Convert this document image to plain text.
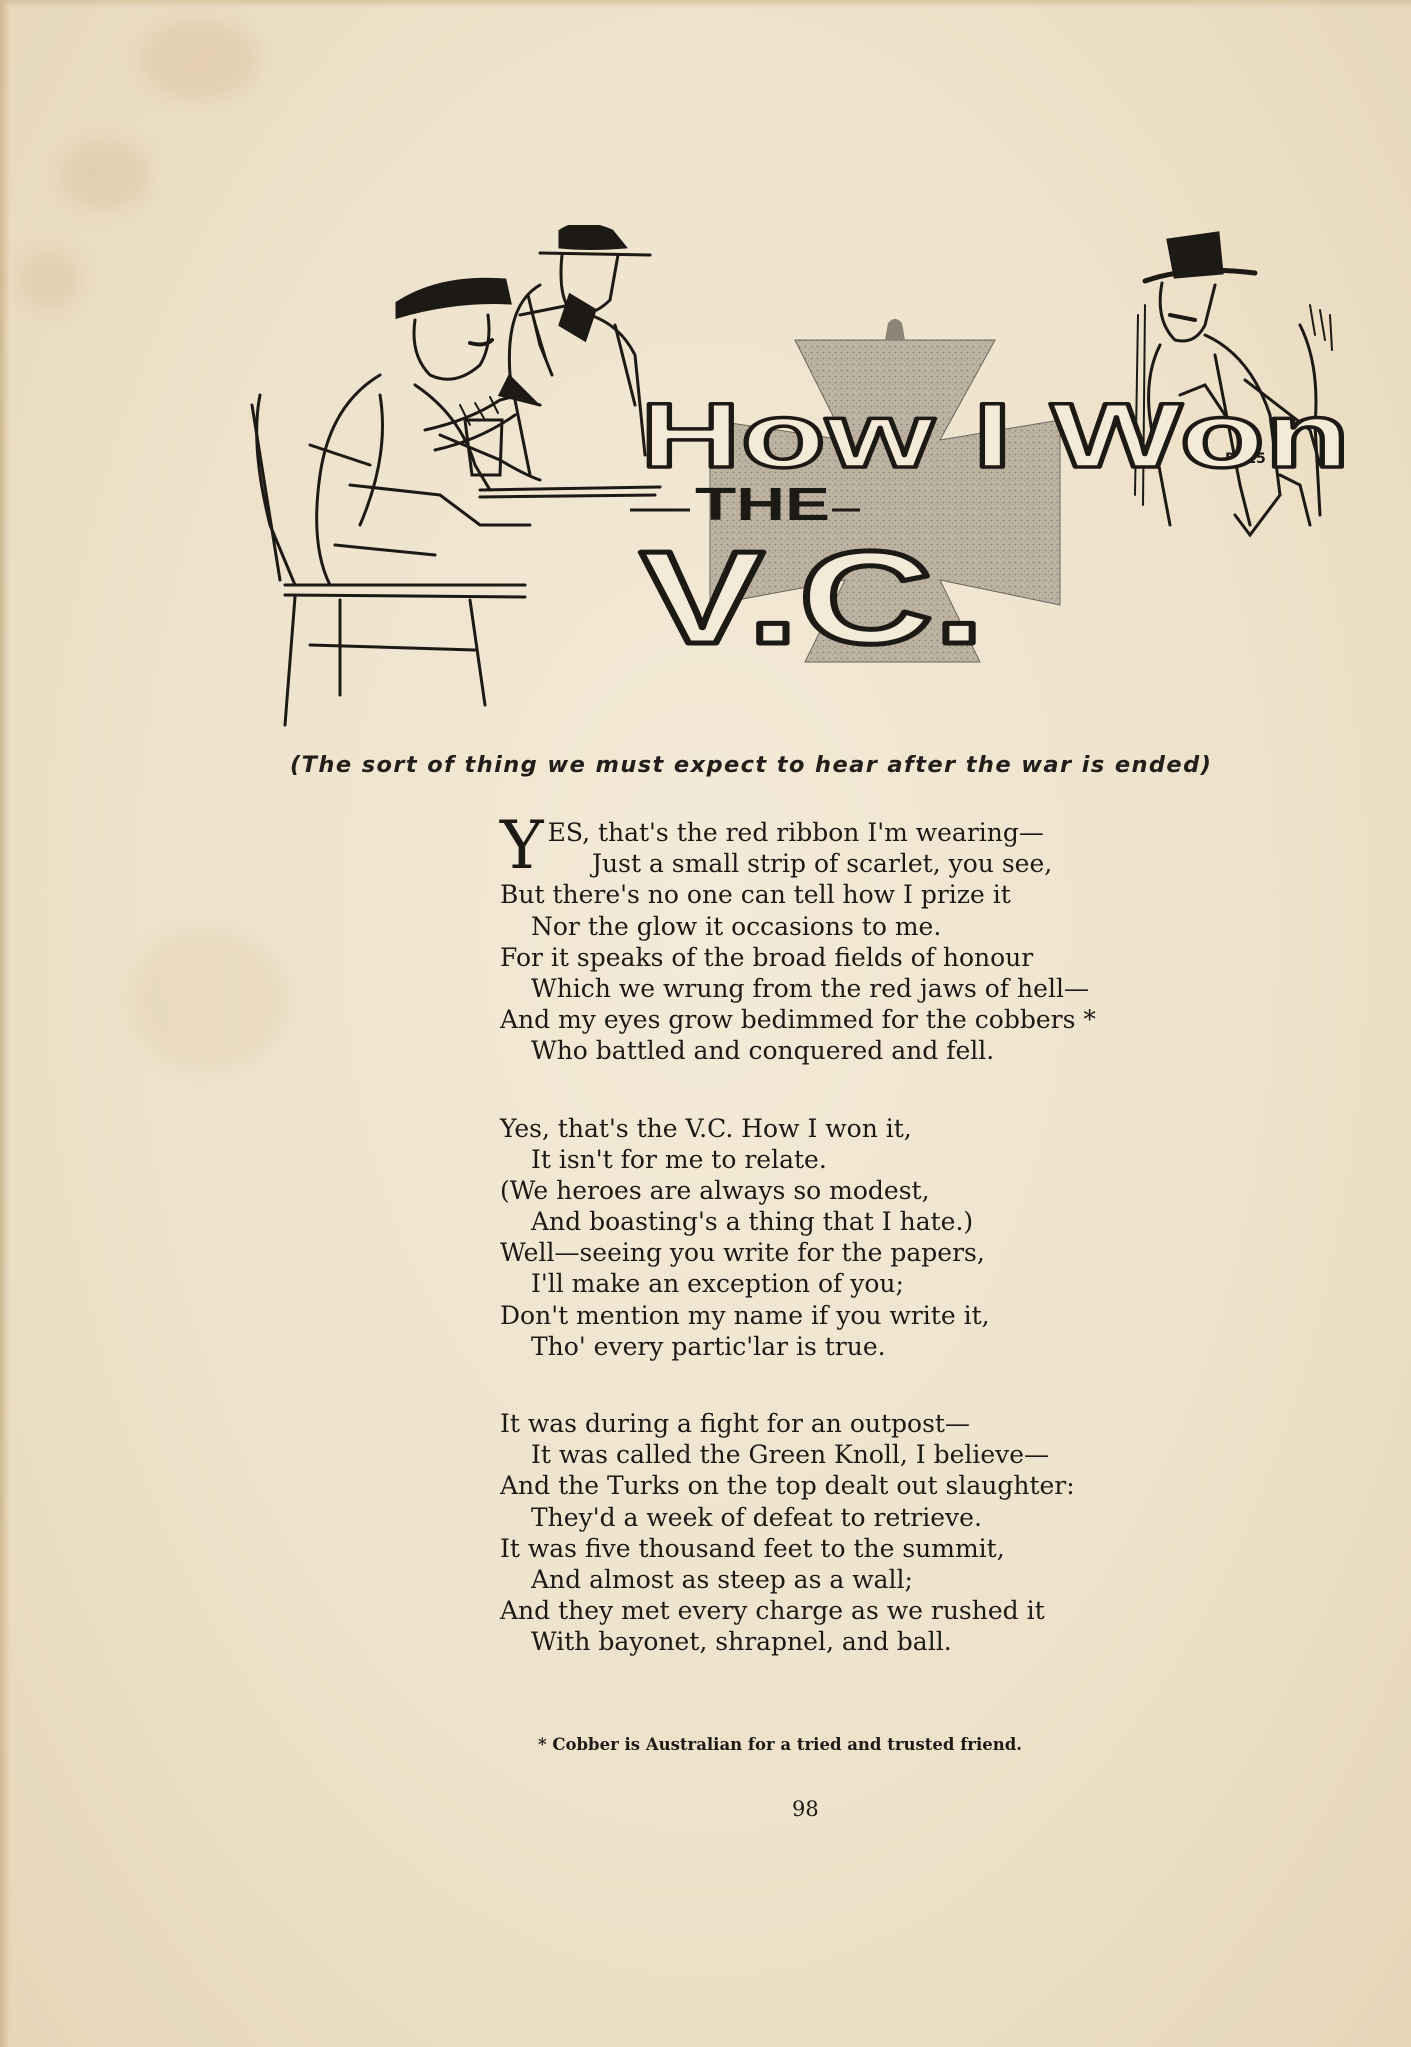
D.'15
How I Won
THE
V.C.
(The sort of thing we must expect to hear after the war is ended)
Y ES, that's the red ribbon I'm wearing—
Just a small strip of scarlet, you see,
But there's no one can tell how I prize it
Nor the glow it occasions to me.
For it speaks of the broad fields of honour
Which we wrung from the red jaws of hell—
And my eyes grow bedimmed for the cobbers *
Who battled and conquered and fell.
Yes, that's the V.C. How I won it,
It isn't for me to relate.
(We heroes are always so modest,
And boasting's a thing that I hate.)
Well—seeing you write for the papers,
I'll make an exception of you;
Don't mention my name if you write it,
Tho' every partic'lar is true.
It was during a fight for an outpost—
It was called the Green Knoll, I believe—
And the Turks on the top dealt out slaughter:
They'd a week of defeat to retrieve.
It was five thousand feet to the summit,
And almost as steep as a wall;
And they met every charge as we rushed it
With bayonet, shrapnel, and ball.
* Cobber is Australian for a tried and trusted friend.
98
